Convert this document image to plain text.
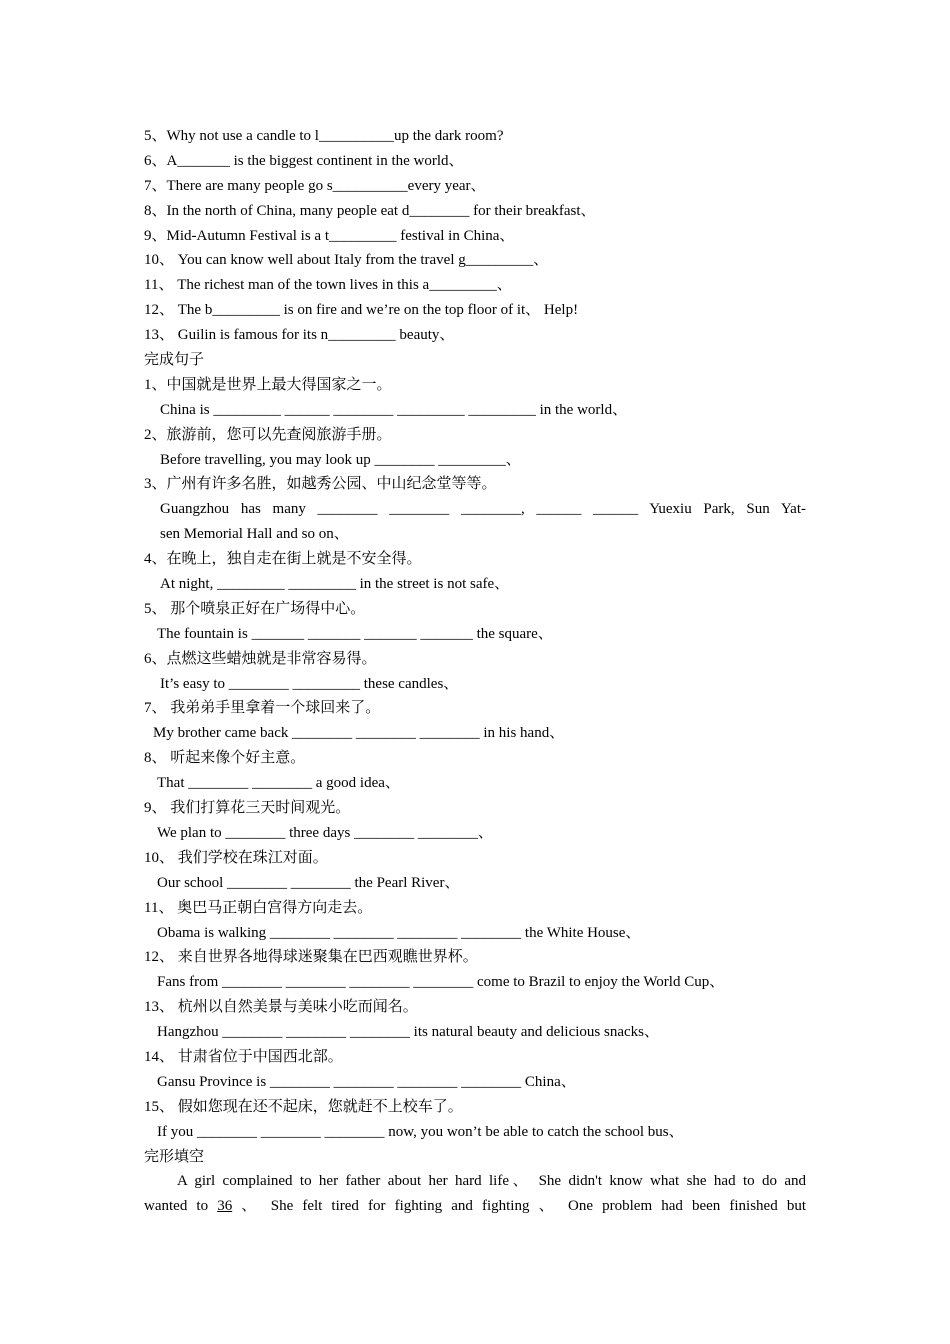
5、Why not use a candle to l__________up the dark room?
6、A_______ is the biggest continent in the world、
7、There are many people go s__________every year、
8、In the north of China, many people eat d________ for their breakfast、
9、Mid-Autumn Festival is a t_________ festival in China、
10、 You can know well about Italy from the travel g_________、
11、 The richest man of the town lives in this a_________、
12、 The b_________ is on fire and we’re on the top floor of it、 Help!
13、 Guilin is famous for its n_________ beauty、
完成句子
1、中国就是世界上最大得国家之一。
China is _________ ______ ________ _________ _________ in the world、
2、旅游前，您可以先查阅旅游手册。
Before travelling, you may look up ________ _________、
3、广州有许多名胜，如越秀公园、中山纪念堂等等。
Guangzhou has many ________ ________ ________, ______ ______ Yuexiu Park, Sun Yat-
sen Memorial Hall and so on、
4、在晚上，独自走在街上就是不安全得。
At night, _________ _________ in the street is not safe、
5、 那个喷泉正好在广场得中心。
The fountain is _______ _______ _______ _______ the square、
6、点燃这些蜡烛就是非常容易得。
It’s easy to ________ _________ these candles、
7、 我弟弟手里拿着一个球回来了。
My brother came back ________ ________ ________ in his hand、
8、 听起来像个好主意。
That ________ ________ a good idea、
9、 我们打算花三天时间观光。
We plan to ________ three days ________ ________、
10、 我们学校在珠江对面。
Our school ________ ________ the Pearl River、
11、 奥巴马正朝白宫得方向走去。
Obama is walking ________ ________ ________ ________ the White House、
12、 来自世界各地得球迷聚集在巴西观瞧世界杯。
Fans from ________ ________ ________ ________ come to Brazil to enjoy the World Cup、
13、 杭州以自然美景与美味小吃而闻名。
Hangzhou ________ ________ ________ its natural beauty and delicious snacks、
14、 甘肃省位于中国西北部。
Gansu Province is ________ ________ ________ ________ China、
15、 假如您现在还不起床，您就赶不上校车了。
If you ________ ________ ________ now, you won’t be able to catch the school bus、
完形填空
A girl complained to her father about her hard life、 She didn't know what she had to do and
wanted to 36 、 She felt tired for fighting and fighting 、 One problem had been finished but
